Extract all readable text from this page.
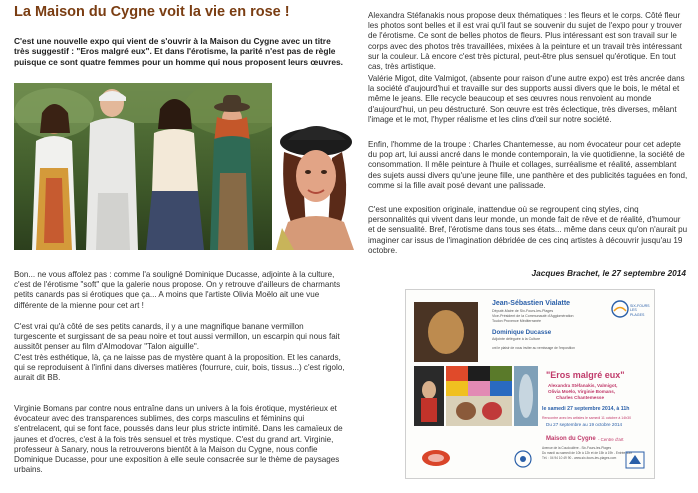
La Maison du Cygne voit la vie en rose !
C'est une nouvelle expo qui vient de s'ouvrir à la Maison du Cygne avec un titre très suggestif : "Eros malgré eux". Et dans l'érotisme, la parité n'est pas de règle puisque ce sont quatre femmes pour un homme qui nous proposent leurs œuvres.
Bon... ne vous affolez pas : comme l'a souligné Dominique Ducasse, adjointe à la culture, c'est de l'érotisme "soft" que la galerie nous propose. On y retrouve d'ailleurs de charmants petits canards pas si érotiques que ça... A moins que l'artiste Olivia Moëlo ait une vue différente de la mienne pour cet art !
C'est vrai qu'à côté de ses petits canards, il y a une magnifique banane vermillon turgescente et surgissant de sa peau noire et tout aussi vermillon, un escarpin qui nous fait aussitôt penser au film d'Almodovar "Talon aiguille".
C'est très esthétique, là, ça ne laisse pas de mystère quant à la proposition. Et les canards, qui se reproduisent à l'infini dans diverses matières (fourrure, cuir, bois, tissus...) c'est rigolo, aurait dit BB.
Virginie Bomans par contre nous entraîne dans un univers à la fois érotique, mystérieux et évocateur avec des transparences sublimes, des corps masculins et féminins qui s'entrelacent, qui se font face, poussés dans leur plus stricte intimité. Dans les camaïeux de jaunes et d'ocres, c'est à la fois très sensuel et très mystique. C'est du grand art. Virginie, professeur à Sanary, nous la retrouverons bientôt à la Maison du Cygne, nous confie Dominique Ducasse, pour une exposition à elle seule consacrée sur le thème de paysages urbains.
Alexandra Stéfanakis nous propose deux thématiques : les fleurs et le corps. Côté fleur les photos sont belles et il est vrai qu'il faut se souvenir du sujet de l'expo pour y trouver de l'érotisme. Ce sont de belles photos de fleurs. Plus intéressant est son travail sur le corps avec des photos très travaillées, mixées à la peinture et un travail très intéressant sur la couleur. Là encore c'est très pictural, peut-être plus sensuel qu'érotique. En tout cas, très artistique.
Valérie Migot, dite Valmigot, (absente pour raison d'une autre expo) est très ancrée dans la société d'aujourd'hui et travaille sur des supports aussi divers que le bois, le métal et même le jeans. Elle recycle beaucoup et ses œuvres nous renvoient au monde d'aujourd'hui, un peu déstructuré. Son œuvre est très éclectique, très diverses, mêlant l'image et le mot, l'hyper réalisme et les clins d'œil sur notre société.
Enfin, l'homme de la troupe : Charles Chantemesse, au nom évocateur pour cet adepte du pop art, lui aussi ancré dans le monde contemporain, la vie quotidienne, la société de consommation. Il mêle peinture à l'huile et collages, surréalisme et réalité, assemblant des sujets aussi divers qu'une jeune fille, une panthère et des publicités taguées en fond, comme si la fille avait posé devant une palissade.
C'est une exposition originale, inattendue où se regroupent cinq styles, cinq personnalités qui vivent dans leur monde, un monde fait de rêve et de réalité, d'humour et de sensualité. Bref, l'érotisme dans tous ses états... même dans ceux qu'on n'aurait pu imaginer car issus de l'imagination débridée de ces cinq artistes à découvrir jusqu'au 19 octobre.
Jacques Brachet, le 27 septembre 2014
Jean-Sébastien Vialatte
Député-Maire de Six-Fours-les-Plages
Vice-Président de la Communauté d'Agglomération
Toulon Provence Méditerranée
Dominique Ducasse
Adjointe déléguée à la Culture
ont le plaisir de vous inviter au vernissage de l'exposition
SIX-FOURS LES PLAGES
"Eros malgré eux"
Alexandra Stéfanakis, Valmigot,
Olivia Moëlo, Virginie Bomans,
Charles Chantemesse
le samedi 27 septembre 2014, à 11h
Rencontre avec les artistes le samedi 11 octobre à 14h30
Du 27 septembre au 19 octobre 2014
Maison du Cygne - Centre d'art
Avenue de la Coudoulière - Six-Fours-les-Plages
Du mardi au samedi de 10h à 12h et de 15h à 19h - Entrée libre
Tél. : 04 94 10 49 90 - www.six-fours-les-plages.com
